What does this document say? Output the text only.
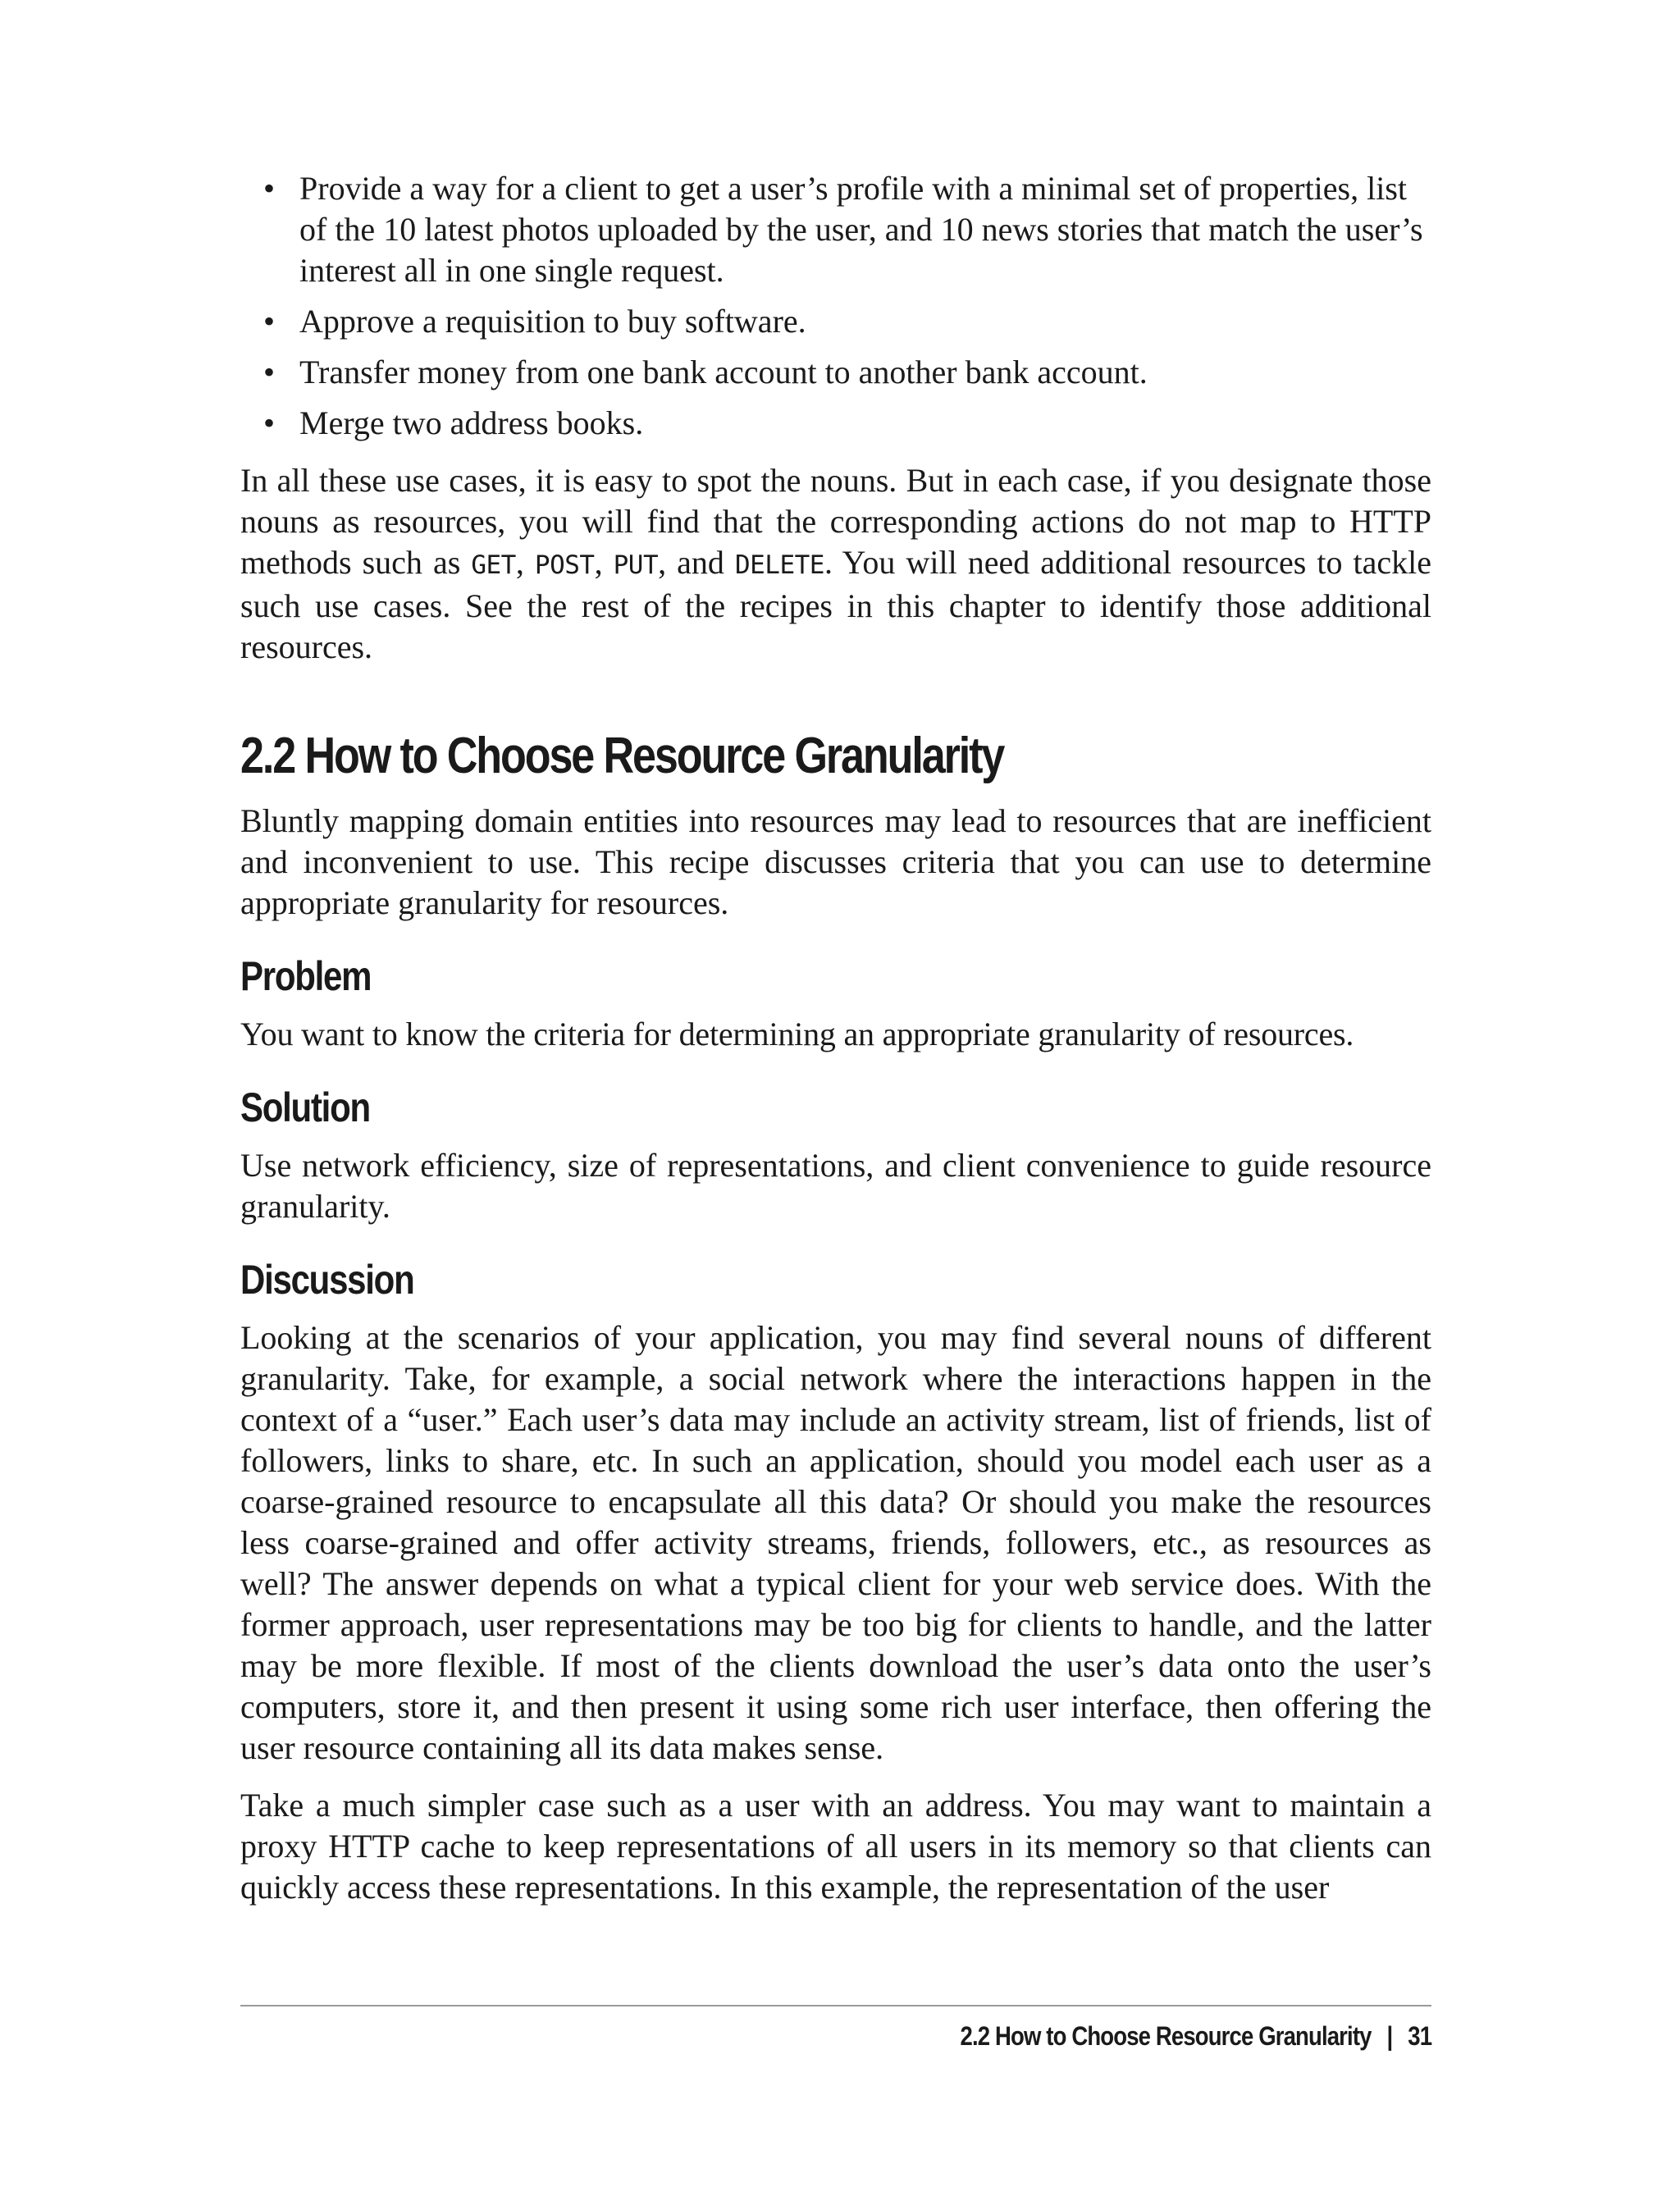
• Provide a way for a client to get a user’s profile with a minimal set of properties, list of the 10 latest photos uploaded by the user, and 10 news stories that match the user’s interest all in one single request.
• Approve a requisition to buy software.
• Transfer money from one bank account to another bank account.
• Merge two address books.

In all these use cases, it is easy to spot the nouns. But in each case, if you designate those nouns as resources, you will find that the corresponding actions do not map to HTTP methods such as GET, POST, PUT, and DELETE. You will need additional resources to tackle such use cases. See the rest of the recipes in this chapter to identify those additional resources.

2.2 How to Choose Resource Granularity

Bluntly mapping domain entities into resources may lead to resources that are inefficient and inconvenient to use. This recipe discusses criteria that you can use to determine appropriate granularity for resources.

Problem

You want to know the criteria for determining an appropriate granularity of resources.

Solution

Use network efficiency, size of representations, and client convenience to guide resource granularity.

Discussion

Looking at the scenarios of your application, you may find several nouns of different granularity. Take, for example, a social network where the interactions happen in the context of a “user.” Each user’s data may include an activity stream, list of friends, list of followers, links to share, etc. In such an application, should you model each user as a coarse-grained resource to encapsulate all this data? Or should you make the resources less coarse-grained and offer activity streams, friends, followers, etc., as resources as well? The answer depends on what a typical client for your web service does. With the former approach, user representations may be too big for clients to handle, and the latter may be more flexible. If most of the clients download the user’s data onto the user’s computers, store it, and then present it using some rich user interface, then offering the user resource containing all its data makes sense.

Take a much simpler case such as a user with an address. You may want to maintain a proxy HTTP cache to keep representations of all users in its memory so that clients can quickly access these representations. In this example, the representation of the user

2.2 How to Choose Resource Granularity | 31
